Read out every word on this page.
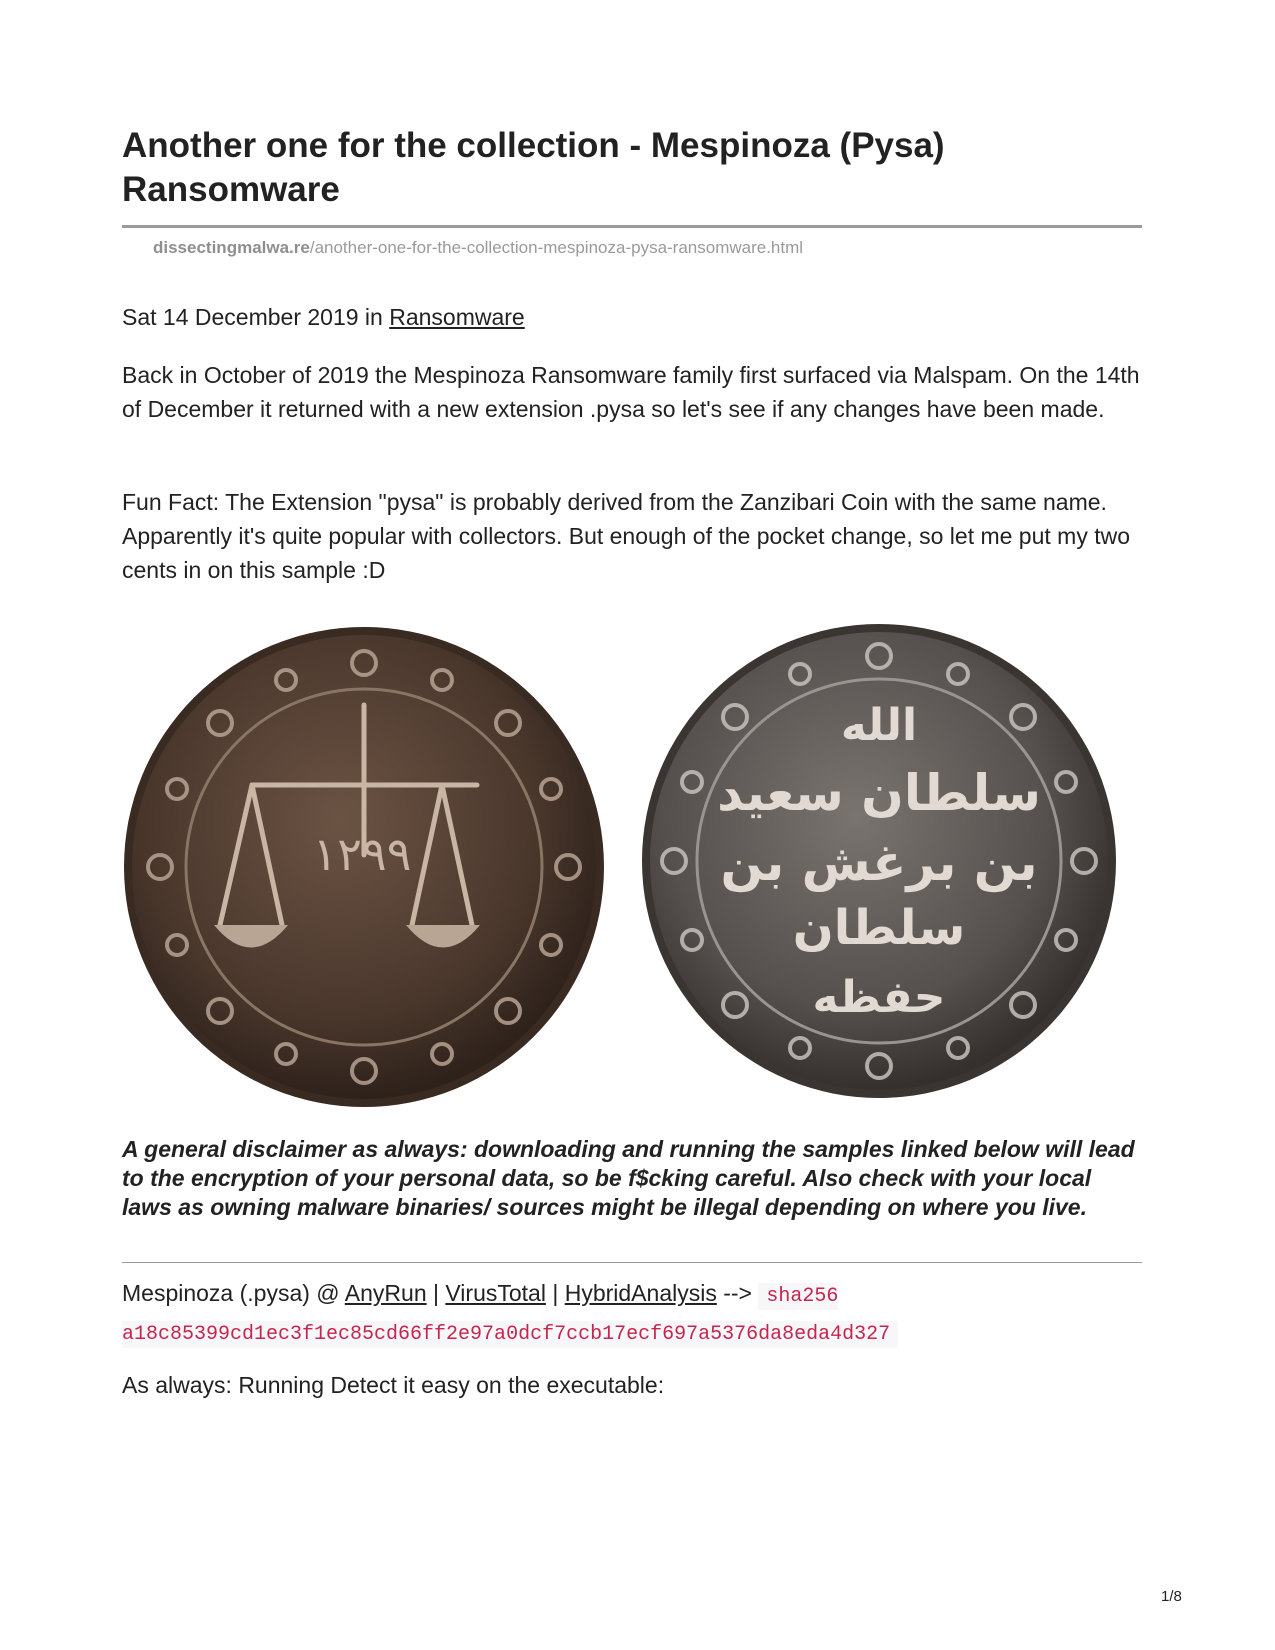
Another one for the collection - Mespinoza (Pysa) Ransomware
dissectingmalwa.re/another-one-for-the-collection-mespinoza-pysa-ransomware.html
Sat 14 December 2019 in Ransomware

Back in October of 2019 the Mespinoza Ransomware family first surfaced via Malspam. On the 14th of December it returned with a new extension .pysa so let's see if any changes have been made.

Fun Fact: The Extension "pysa" is probably derived from the Zanzibari Coin with the same name. Apparently it's quite popular with collectors. But enough of the pocket change, so let me put my two cents in on this sample :D

١٢٩٩
الله
سلطان سعيد
بن برغش بن
سلطان
حفظه

A general disclaimer as always: downloading and running the samples linked below will lead to the encryption of your personal data, so be f$cking careful. Also check with your local laws as owning malware binaries/ sources might be illegal depending on where you live.

Mespinoza (.pysa) @ AnyRun | VirusTotal | HybridAnalysis --> sha256 a18c85399cd1ec3f1ec85cd66ff2e97a0dcf7ccb17ecf697a5376da8eda4d327

As always: Running Detect it easy on the executable:

1/8
